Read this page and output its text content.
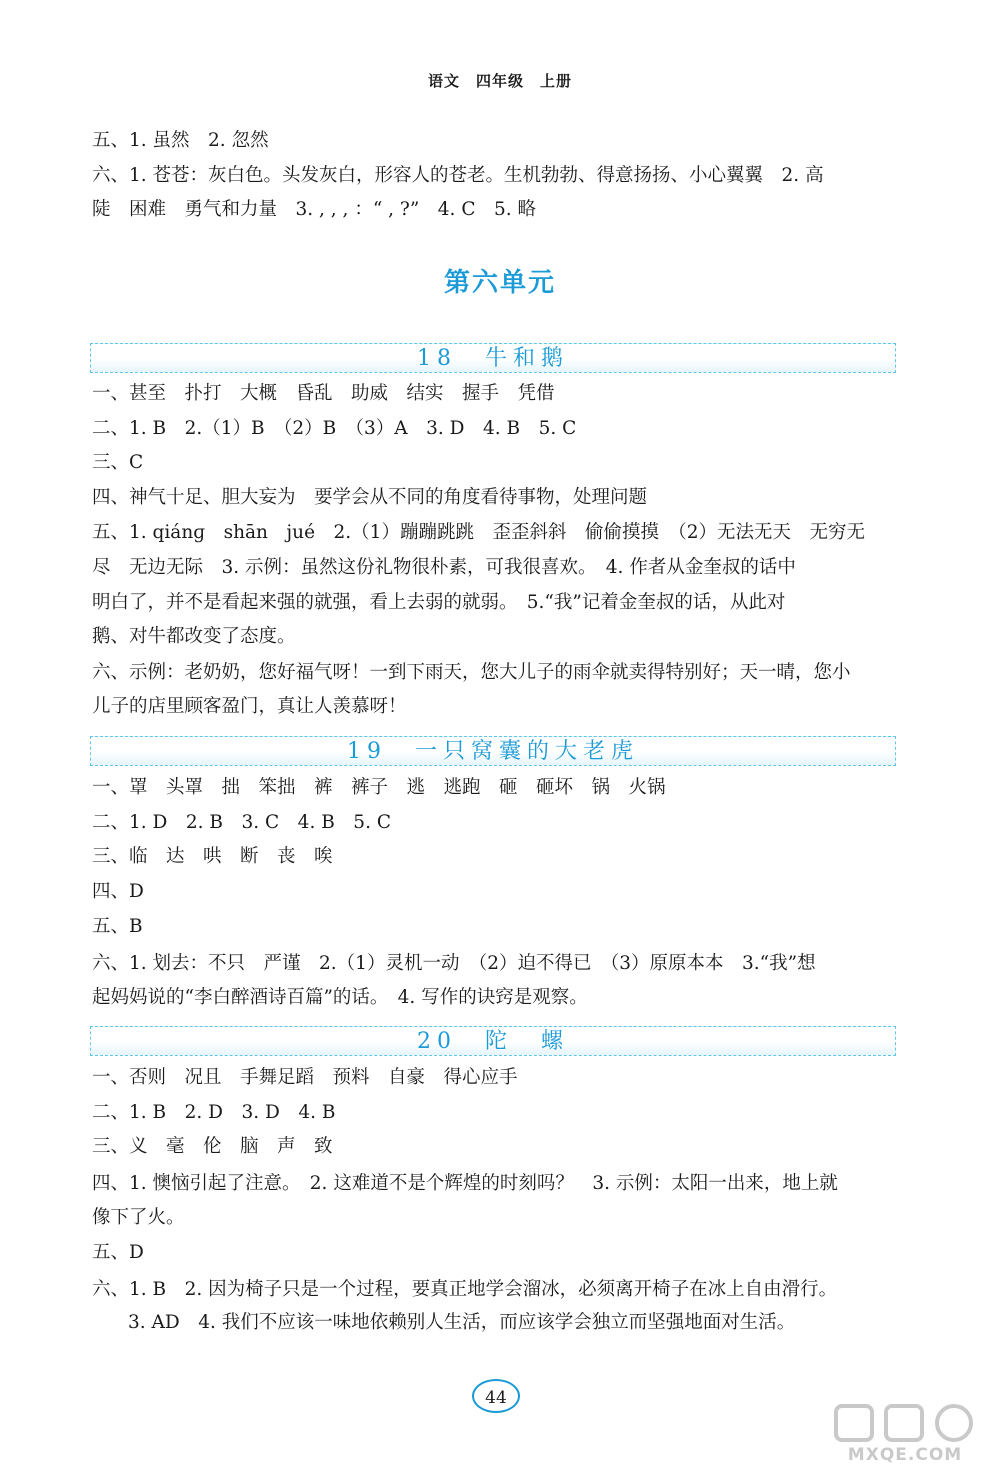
语文　四年级　上册
五、1. 虽然　2. 忽然
六、1. 苍苍：灰白色。头发灰白，形容人的苍老。生机勃勃、得意扬扬、小心翼翼　2. 高
陡　困难　勇气和力量　3. , , , ：“ , ?”　4. C　5. 略
第六单元
18　牛和鹅
一、甚至　扑打　大概　昏乱　助威　结实　握手　凭借
二、1. B　2.（1）B　（2）B　（3）A　3. D　4. B　5. C
三、C
四、神气十足、胆大妄为　要学会从不同的角度看待事物，处理问题
五、1. qiánɡ　shān　jué　2.（1）蹦蹦跳跳　歪歪斜斜　偷偷摸摸　（2）无法无天　无穷无
尽　无边无际　3. 示例：虽然这份礼物很朴素，可我很喜欢。　4. 作者从金奎叔的话中
明白了，并不是看起来强的就强，看上去弱的就弱。　5.“我”记着金奎叔的话，从此对
鹅、对牛都改变了态度。
六、示例：老奶奶，您好福气呀！一到下雨天，您大儿子的雨伞就卖得特别好；天一晴，您小
儿子的店里顾客盈门，真让人羡慕呀！
19　一只窝囊的大老虎
一、罩　头罩　拙　笨拙　裤　裤子　逃　逃跑　砸　砸坏　锅　火锅
二、1. D　2. B　3. C　4. B　5. C
三、临　达　哄　断　丧　唉
四、D
五、B
六、1. 划去：不只　严谨　2.（1）灵机一动　（2）迫不得已　（3）原原本本　3.“我”想
起妈妈说的“李白醉酒诗百篇”的话。　4. 写作的诀窍是观察。
20　陀　螺
一、否则　况且　手舞足蹈　预料　自豪　得心应手
二、1. B　2. D　3. D　4. B
三、义　毫　伦　脑　声　致
四、1. 懊恼引起了注意。　2. 这难道不是个辉煌的时刻吗？　3. 示例：太阳一出来，地上就
像下了火。
五、D
六、1. B　2. 因为椅子只是一个过程，要真正地学会溜冰，必须离开椅子在冰上自由滑行。
3. AD　4. 我们不应该一味地依赖别人生活，而应该学会独立而坚强地面对生活。
44
MXQE.COM
